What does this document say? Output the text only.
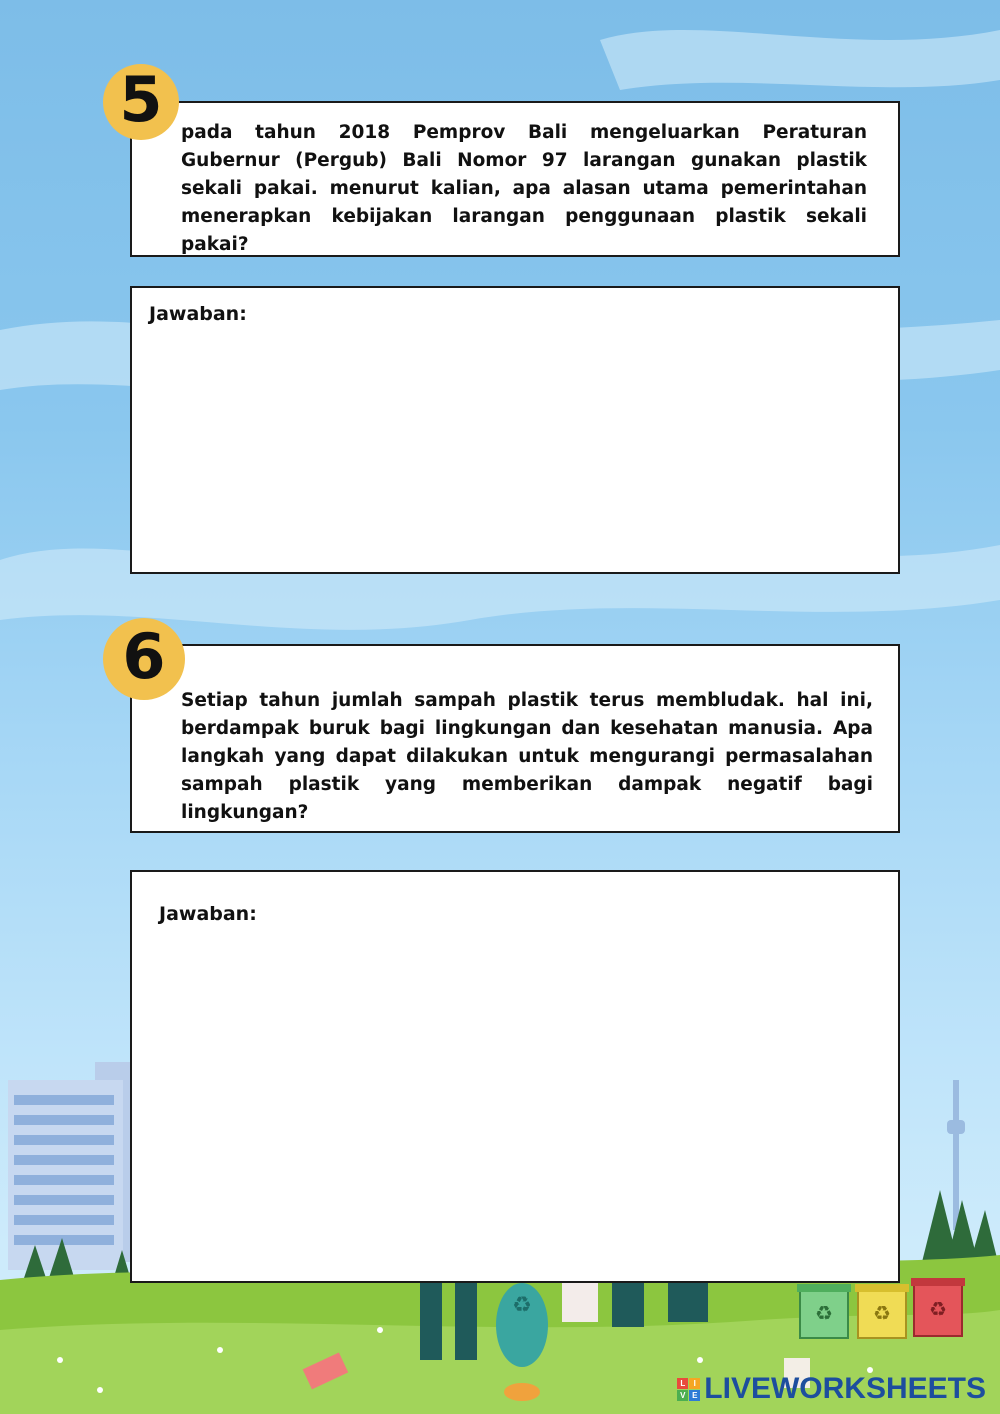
♻	♻ ♻ ♻
pada tahun 2018 Pemprov Bali mengeluarkan Peraturan Gubernur (Pergub) Bali Nomor 97 larangan gunakan plastik sekali pakai. menurut kalian, apa alasan utama pemerintahan menerapkan kebijakan larangan penggunaan plastik sekali pakai?
5
Jawaban:
Setiap tahun jumlah sampah plastik terus membludak. hal ini, berdampak buruk bagi lingkungan dan kesehatan manusia. Apa langkah yang dapat dilakukan untuk mengurangi permasalahan sampah plastik yang memberikan dampak negatif bagi lingkungan?
6
Jawaban:
L	I
V E LIVEWORKSHEETS
